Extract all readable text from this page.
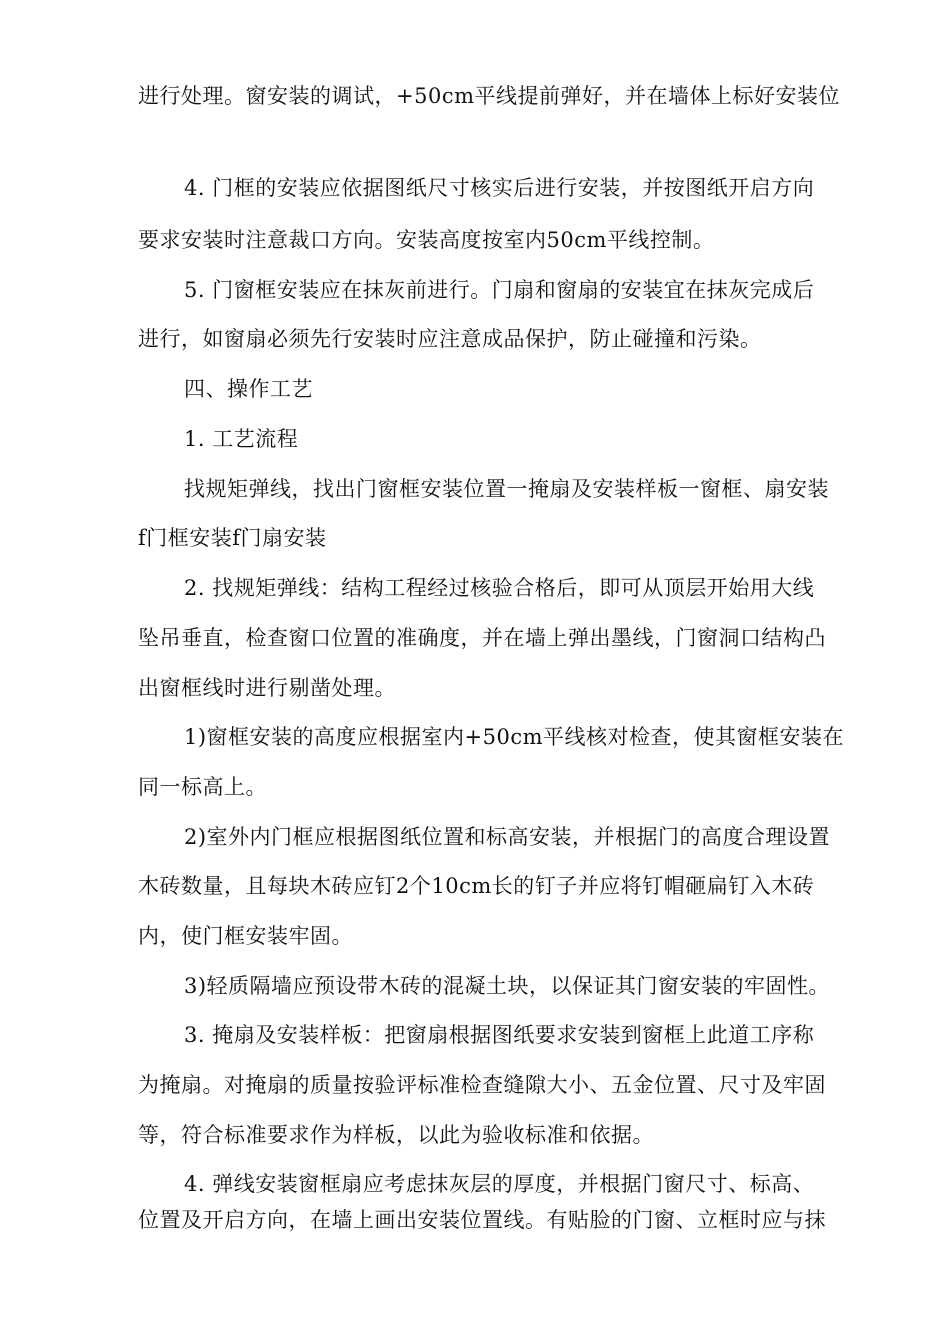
进行处理。窗安装的调试，+50cm平线提前弹好，并在墙体上标好安装位
4. 门框的安装应依据图纸尺寸核实后进行安装，并按图纸开启方向
要求安装时注意裁口方向。安装高度按室内50cm平线控制。
5. 门窗框安装应在抹灰前进行。门扇和窗扇的安装宜在抹灰完成后
进行，如窗扇必须先行安装时应注意成品保护，防止碰撞和污染。
四、操作工艺
1. 工艺流程
找规矩弹线，找出门窗框安装位置一掩扇及安装样板一窗框、扇安装
f门框安装f门扇安装
2. 找规矩弹线：结构工程经过核验合格后，即可从顶层开始用大线
坠吊垂直，检查窗口位置的准确度，并在墙上弹出墨线，门窗洞口结构凸
出窗框线时进行剔凿处理。
1)窗框安装的高度应根据室内+50cm平线核对检查，使其窗框安装在
同一标高上。
2)室外内门框应根据图纸位置和标高安装，并根据门的高度合理设置
木砖数量，且每块木砖应钉2个10cm长的钉子并应将钉帽砸扁钉入木砖
内，使门框安装牢固。
3)轻质隔墙应预设带木砖的混凝土块，以保证其门窗安装的牢固性。
3. 掩扇及安装样板：把窗扇根据图纸要求安装到窗框上此道工序称
为掩扇。对掩扇的质量按验评标准检查缝隙大小、五金位置、尺寸及牢固
等，符合标准要求作为样板，以此为验收标准和依据。
4. 弹线安装窗框扇应考虑抹灰层的厚度，并根据门窗尺寸、标高、
位置及开启方向，在墙上画出安装位置线。有贴脸的门窗、立框时应与抹
